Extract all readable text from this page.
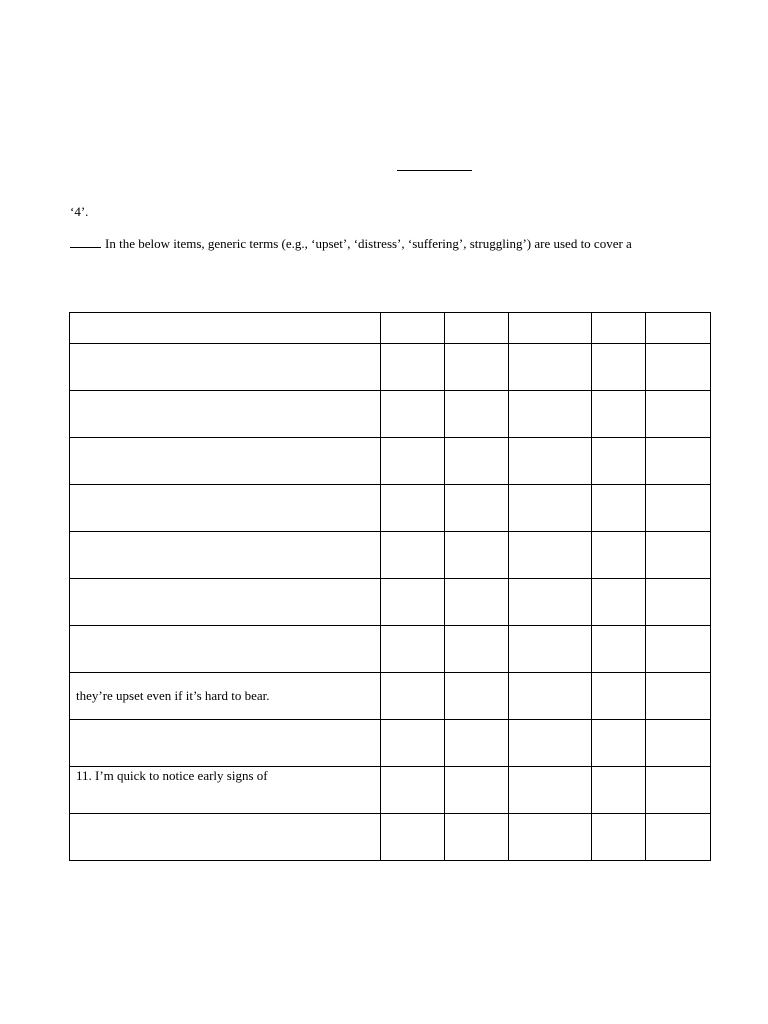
‘4’.
In the below items, generic terms (e.g., ‘upset’, ‘distress’, ‘suffering’, struggling’) are used to cover a

they’re upset even if it’s hard to bear.					

11. I’m quick to notice early signs of					
